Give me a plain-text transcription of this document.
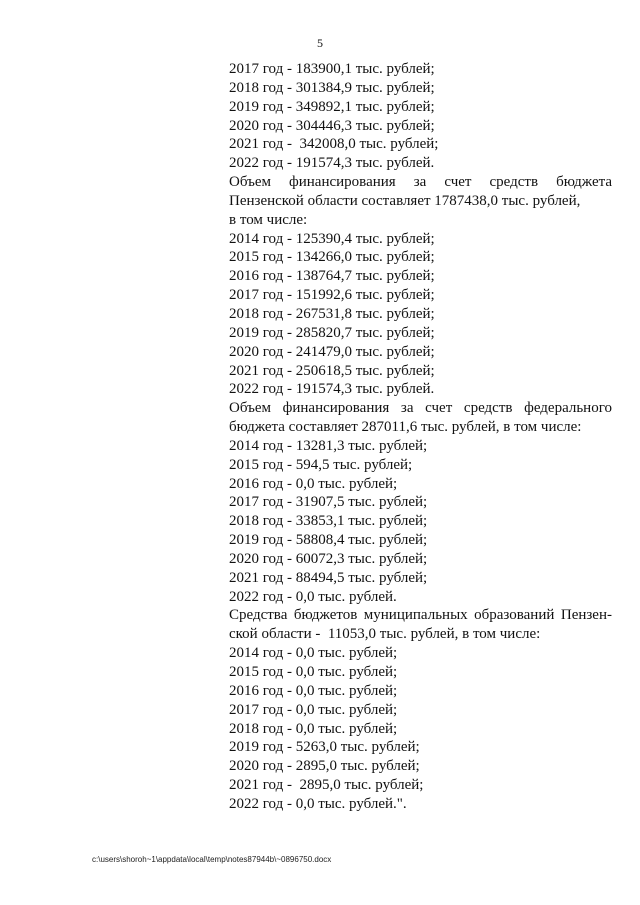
5
2017 год - 183900,1 тыс. рублей;
2018 год - 301384,9 тыс. рублей;
2019 год - 349892,1 тыс. рублей;
2020 год - 304446,3 тыс. рублей;
2021 год -  342008,0 тыс. рублей;
2022 год - 191574,3 тыс. рублей.
Объем финансирования за счет средств бюджета
Пензенской области составляет 1787438,0 тыс. рублей,
в том числе:
2014 год - 125390,4 тыс. рублей;
2015 год - 134266,0 тыс. рублей;
2016 год - 138764,7 тыс. рублей;
2017 год - 151992,6 тыс. рублей;
2018 год - 267531,8 тыс. рублей;
2019 год - 285820,7 тыс. рублей;
2020 год - 241479,0 тыс. рублей;
2021 год - 250618,5 тыс. рублей;
2022 год - 191574,3 тыс. рублей.
Объем финансирования за счет средств федерального
бюджета составляет 287011,6 тыс. рублей, в том числе:
2014 год - 13281,3 тыс. рублей;
2015 год - 594,5 тыс. рублей;
2016 год - 0,0 тыс. рублей;
2017 год - 31907,5 тыс. рублей;
2018 год - 33853,1 тыс. рублей;
2019 год - 58808,4 тыс. рублей;
2020 год - 60072,3 тыс. рублей;
2021 год - 88494,5 тыс. рублей;
2022 год - 0,0 тыс. рублей.
Средства бюджетов муниципальных образований Пензен-
ской области -  11053,0 тыс. рублей, в том числе:
2014 год - 0,0 тыс. рублей;
2015 год - 0,0 тыс. рублей;
2016 год - 0,0 тыс. рублей;
2017 год - 0,0 тыс. рублей;
2018 год - 0,0 тыс. рублей;
2019 год - 5263,0 тыс. рублей;
2020 год - 2895,0 тыс. рублей;
2021 год -  2895,0 тыс. рублей;
2022 год - 0,0 тыс. рублей.".
c:\users\shoroh~1\appdata\local\temp\notes87944b\~0896750.docx
